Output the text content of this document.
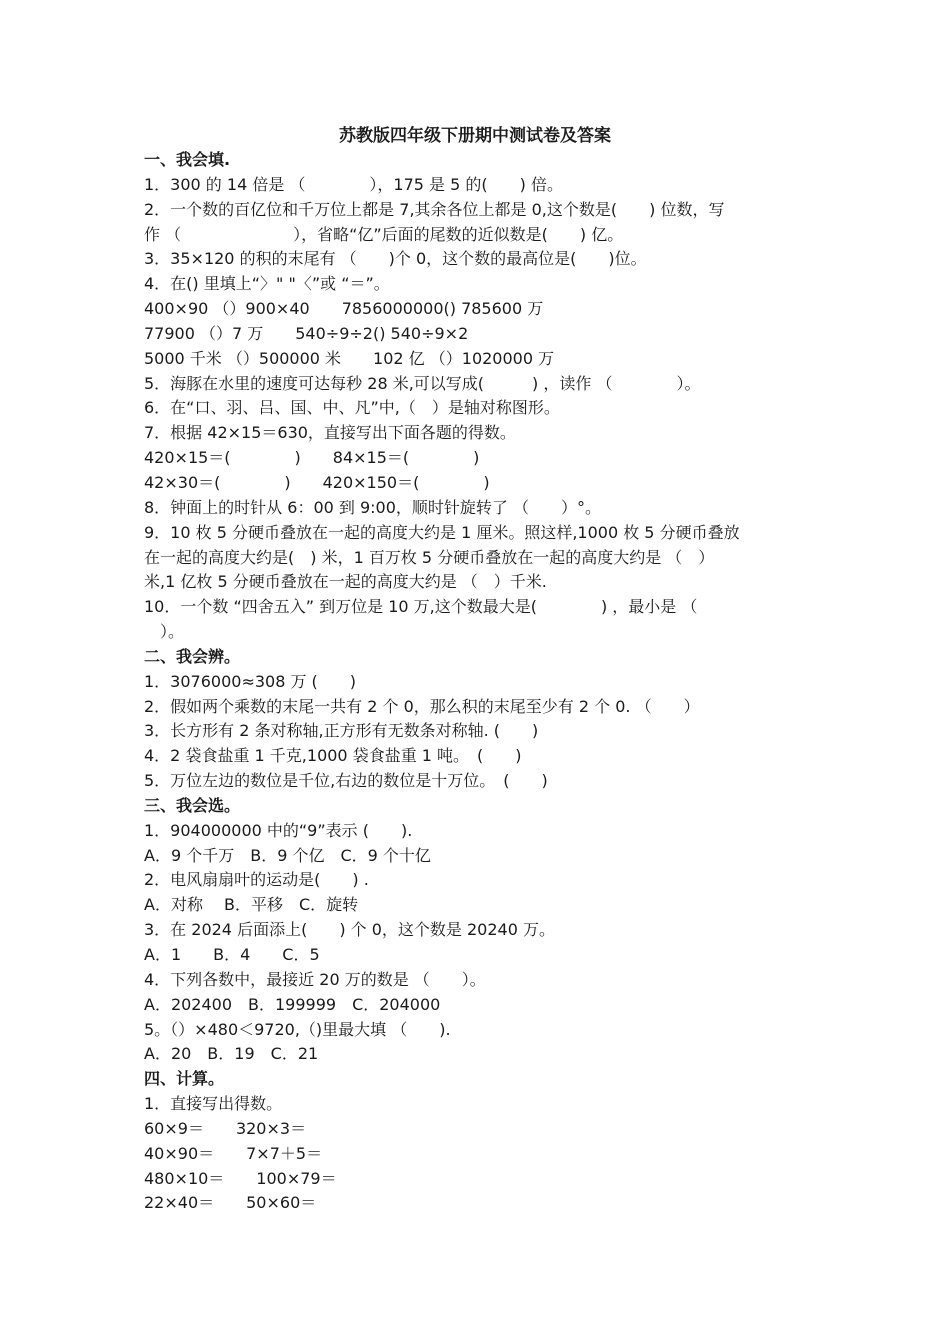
苏教版四年级下册期中测试卷及答案
一、我会填.
1．300 的 14 倍是 （　　　　），175 是 5 的(　　) 倍。
2．一个数的百亿位和千万位上都是 7,其余各位上都是 0,这个数是(　　) 位数，写
作 （　　　　　　　），省略“亿”后面的尾数的近似数是(　　) 亿。
3．35×120 的积的末尾有 （　　)个 0，这个数的最高位是(　　)位。
4．在() 里填上“〉" "〈”或 “＝”。
400×90 （）900×40　　7856000000() 785600 万
77900 （）7 万　　540÷9÷2() 540÷9×2
5000 千米 （）500000 米　　102 亿 （）1020000 万
5．海豚在水里的速度可达每秒 28 米,可以写成(　　　) ，读作 （　　　　）。
6．在“口、羽、吕、国、中、凡”中,（　）是轴对称图形。
7．根据 42×15＝630，直接写出下面各题的得数。
420×15＝(　　　　)　　84×15＝(　　　　)
42×30＝(　　　　)　　420×150＝(　　　　)
8．钟面上的时针从 6：00 到 9:00，顺时针旋转了 （　　）°。
9．10 枚 5 分硬币叠放在一起的高度大约是 1 厘米。照这样,1000 枚 5 分硬币叠放
在一起的高度大约是(　) 米，1 百万枚 5 分硬币叠放在一起的高度大约是 （　）
米,1 亿枚 5 分硬币叠放在一起的高度大约是 （　）千米.
10．一个数 “四舍五入” 到万位是 10 万,这个数最大是(　　　　) ，最小是 （
　）。
二、我会辨。
1．3076000≈308 万 (　　)
2．假如两个乘数的末尾一共有 2 个 0，那么积的末尾至少有 2 个 0. （　　）
3．长方形有 2 条对称轴,正方形有无数条对称轴. (　　)
4．2 袋食盐重 1 千克,1000 袋食盐重 1 吨。　(　　)
5．万位左边的数位是千位,右边的数位是十万位。　(　　)
三、我会选。
1．904000000 中的“9”表示 (　　).
A．9 个千万　B．9 个亿　C．9 个十亿
2．电风扇扇叶的运动是(　　) .
A．对称　 B．平移　C．旋转
3．在 2024 后面添上(　　) 个 0，这个数是 20240 万。
A．1　　B．4　　C．5
4．下列各数中，最接近 20 万的数是 （　　）。
A．202400　B．199999　C．204000
5。（）×480＜9720,（)里最大填 （　　).
A．20　B．19　C．21
四、计算。
1．直接写出得数。
60×9＝　　320×3＝
40×90＝　　7×7＋5＝
480×10＝　　100×79＝
22×40＝　　50×60＝
